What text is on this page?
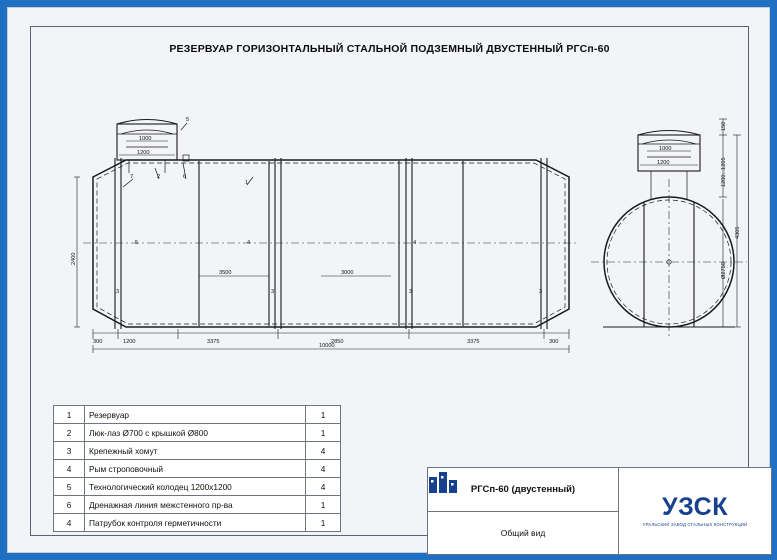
РЕЗЕРВУАР ГОРИЗОНТАЛЬНЫЙ СТАЛЬНОЙ ПОДЗЕМНЫЙ ДВУСТЕННЫЙ РГСп-60
5
1
2	6
7
5	4	4
3	3	3	3
1000
1200
2400
3500	3000
300	1200	3375	2850	3375	300
10000
1000
1200
150
1200...1205
4305
Ø2750
1	Резервуар	1
2	Люк-лаз Ø700 с крышкой Ø800	1
3	Крепежный хомут	4
4	Рым строповочный	4
5	Технологический колодец 1200х1200	4
6	Дренажная линия межстенного пр-ва	1
4	Патрубок контроля герметичности	1
РГСп-60 (двустенный)
Общий вид
УЗСК
УРАЛЬСКИЙ ЗАВОД СТАЛЬНЫХ КОНСТРУКЦИЙ
